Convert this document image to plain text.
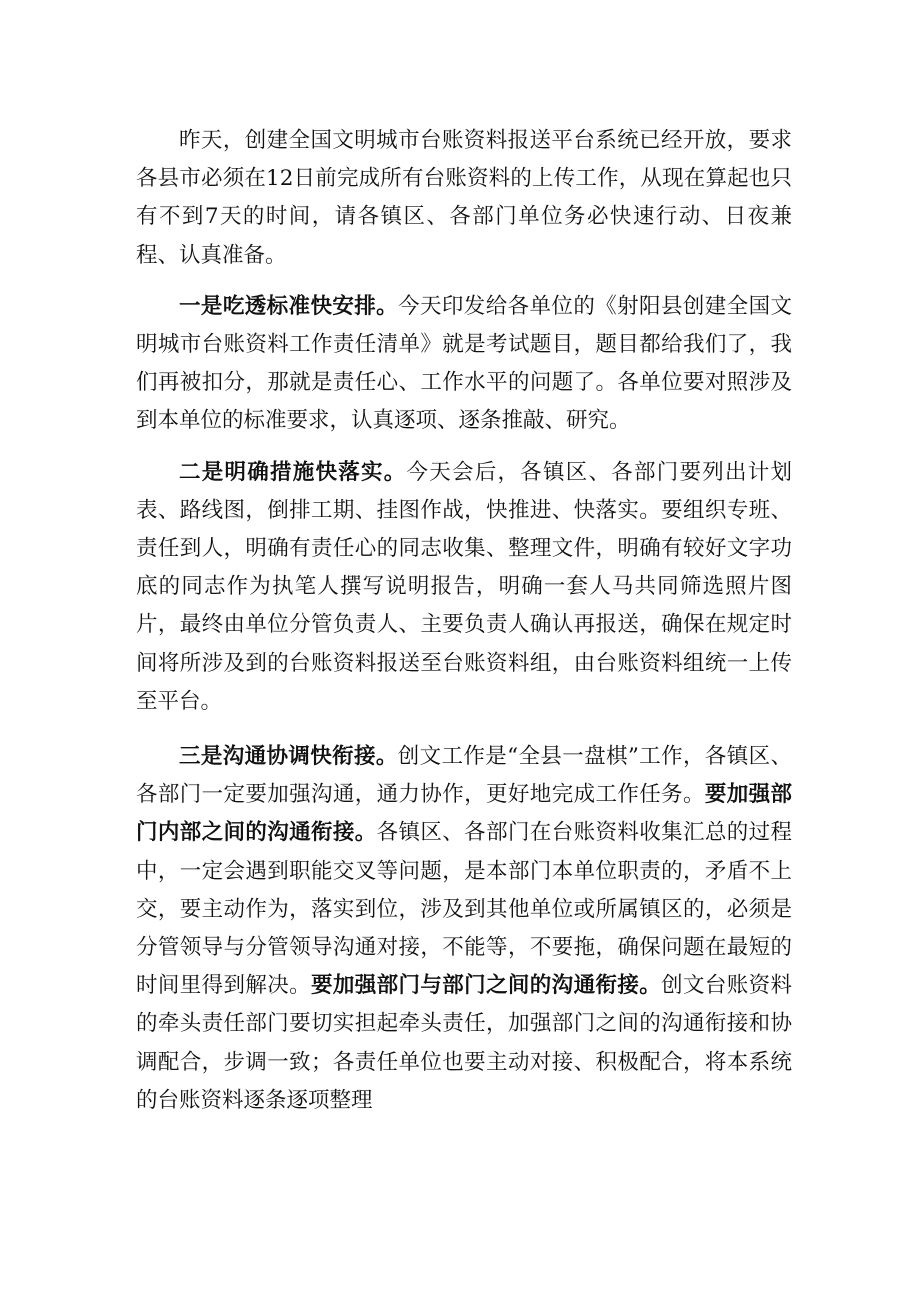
昨天，创建全国文明城市台账资料报送平台系统已经开放，要求各县市必须在12日前完成所有台账资料的上传工作，从现在算起也只有不到7天的时间，请各镇区、各部门单位务必快速行动、日夜兼程、认真准备。

一是吃透标准快安排。今天印发给各单位的《射阳县创建全国文明城市台账资料工作责任清单》就是考试题目，题目都给我们了，我们再被扣分，那就是责任心、工作水平的问题了。各单位要对照涉及到本单位的标准要求，认真逐项、逐条推敲、研究。

二是明确措施快落实。今天会后，各镇区、各部门要列出计划表、路线图，倒排工期、挂图作战，快推进、快落实。要组织专班、责任到人，明确有责任心的同志收集、整理文件，明确有较好文字功底的同志作为执笔人撰写说明报告，明确一套人马共同筛选照片图片，最终由单位分管负责人、主要负责人确认再报送，确保在规定时间将所涉及到的台账资料报送至台账资料组，由台账资料组统一上传至平台。

三是沟通协调快衔接。创文工作是“全县一盘棋”工作，各镇区、各部门一定要加强沟通，通力协作，更好地完成工作任务。要加强部门内部之间的沟通衔接。各镇区、各部门在台账资料收集汇总的过程中，一定会遇到职能交叉等问题，是本部门本单位职责的，矛盾不上交，要主动作为，落实到位，涉及到其他单位或所属镇区的，必须是分管领导与分管领导沟通对接，不能等，不要拖，确保问题在最短的时间里得到解决。要加强部门与部门之间的沟通衔接。创文台账资料的牵头责任部门要切实担起牵头责任，加强部门之间的沟通衔接和协调配合，步调一致；各责任单位也要主动对接、积极配合，将本系统的台账资料逐条逐项整理
